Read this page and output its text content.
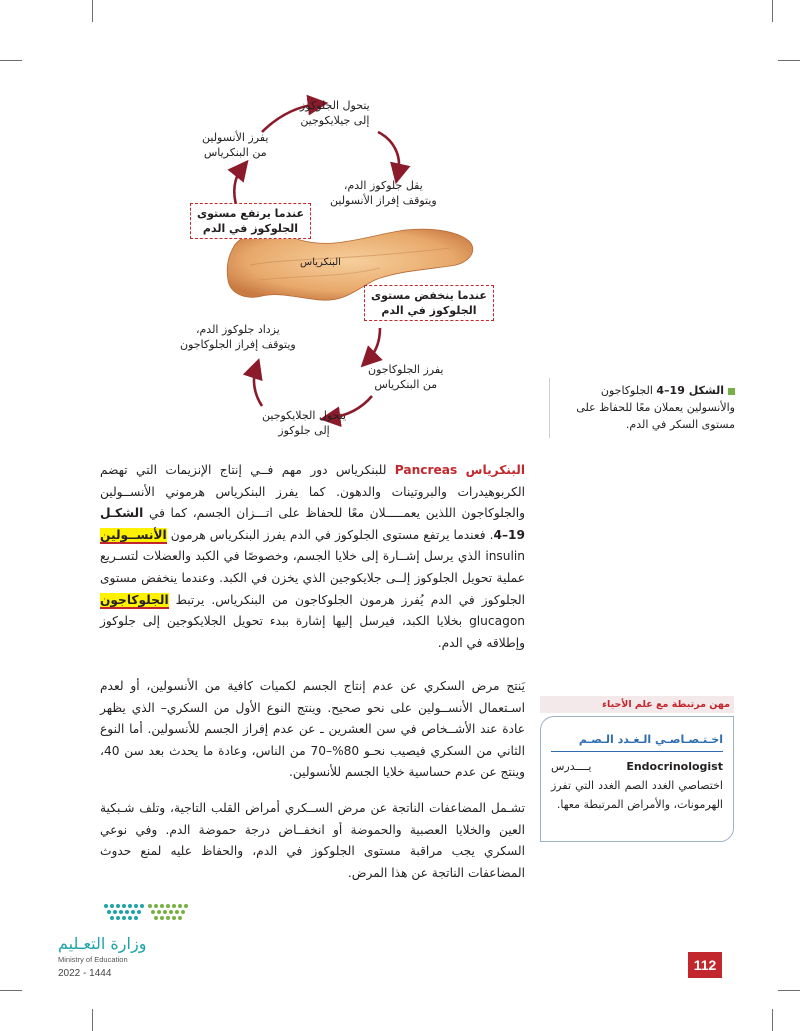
يتحول الجلوكوز
إلى جيلايكوجين
يفرز الأنسولين
من البنكرياس
يقل جلوكوز الدم،
ويتوقف إفراز الأنسولين
عندما يرتفع مستوى
الجلوكوز في الدم
البنكرياس
عندما ينخفض مستوى
الجلوكوز في الدم
يزداد جلوكوز الدم،
ويتوقف إفراز الجلوكاجون
يفرز الجلوكاجون
من البنكرياس
يتحول الجلايكوجين
إلى جلوكوز
الشكل 19–4 الجلوكاجون والأنسولين يعملان معًا للحفاظ على مستوى السكر في الدم.

البنكرياس Pancreas للبنكرياس دور مهم فــي إنتاج الإنزيمات التي تهضم الكربوهيدرات والبروتينات والدهون. كما يفرز البنكرياس هرموني الأنســولين والجلوكاجون اللذين يعمـــــلان معًا للحفاظ على اتـــزان الجسم، كما في الشكـل 19–4. فعندما يرتفع مستوى الجلوكوز في الدم يفرز البنكرياس هرمون الأنســولين insulin الذي يرسل إشــارة إلى خلايا الجسم، وخصوصًا في الكبد والعضلات لتسـريع عملية تحويل الجلوكوز إلــى جلايكوجين الذي يخزن في الكبد. وعندما ينخفض مستوى الجلوكوز في الدم يُفرز هرمون الجلوكاجون من البنكرياس. يرتبط الجلوكاجون glucagon بخلايا الكبد، فيرسل إليها إشارة ببدء تحويل الجلايكوجين إلى جلوكوز وإطلاقه في الدم.

يَنتج مرض السكري عن عدم إنتاج الجسم لكميات كافية من الأنسولين، أو لعدم اسـتعمال الأنســولين على نحو صحيح. وينتج النوع الأول من السكري– الذي يظهر عادة عند الأشــخاص في سن العشرين ـ عن عدم إفراز الجسم للأنسولين. أما النوع الثاني من السكري فيصيب نحـو 80%–70 من الناس، وعادة ما يحدث بعد سن 40، وينتج عن عدم حساسية خلايا الجسم للأنسولين.

تشـمل المضاعفات الناتجة عن مرض الســكري أمراض القلب التاجية، وتلف شـبكية العين والخلايا العصبية والحموضة أو انخفــاض درجة حموضة الدم. وفي نوعي السكري يجب مراقبة مستوى الجلوكوز في الدم، والحفاظ عليه لمنع حدوث المضاعفات الناتجة عن هذا المرض.

مهن مرتبطة مع علم الأحياء
اخـتـصـاصـي الـغـدد الـصـم
Endocrinologist يــــدرس اختصاصي الغدد الصم الغدد التي تفرز الهرمونات، والأمراض المرتبطة معها.
وزارة التعـليم
Ministry of Education
2022 - 1444
112
